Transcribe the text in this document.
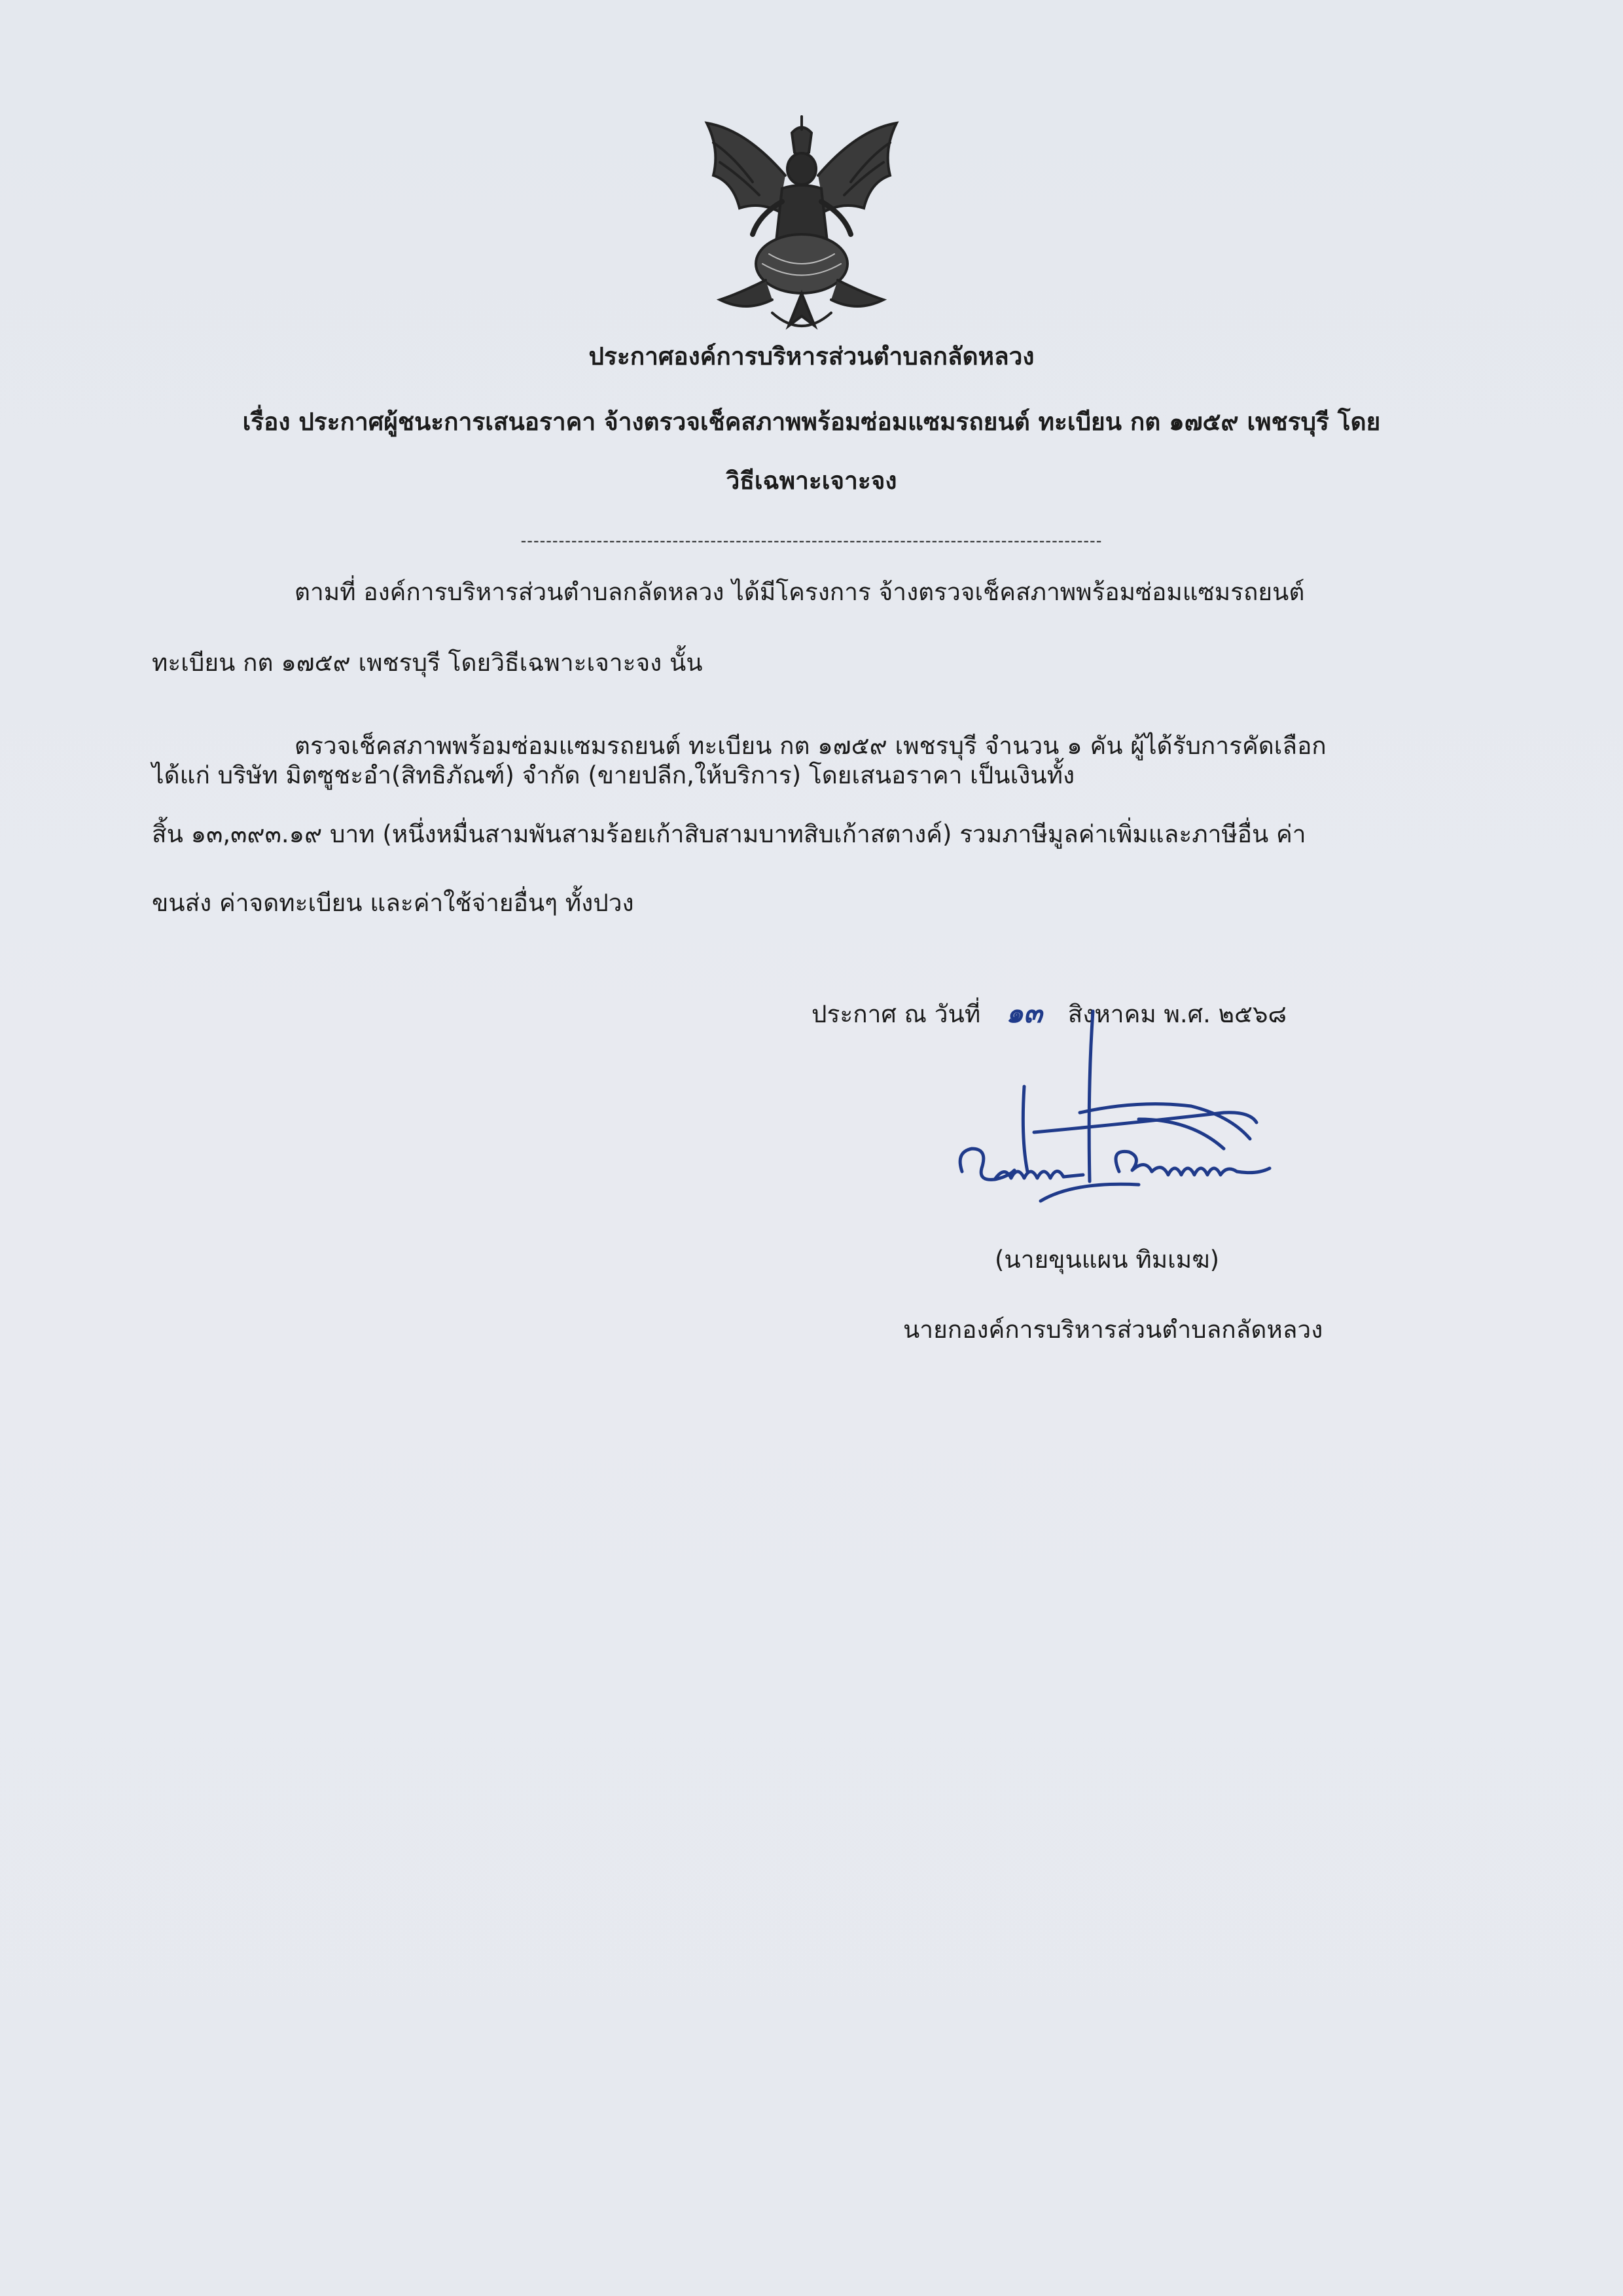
ประกาศองค์การบริหารส่วนตำบลกลัดหลวง
เรื่อง ประกาศผู้ชนะการเสนอราคา จ้างตรวจเช็คสภาพพร้อมซ่อมแซมรถยนต์ ทะเบียน กต ๑๗๕๙ เพชรบุรี โดย
วิธีเฉพาะเจาะจง
--------------------------------------------------------------------------------------------
ตามที่ องค์การบริหารส่วนตำบลกลัดหลวง ได้มีโครงการ จ้างตรวจเช็คสภาพพร้อมซ่อมแซมรถยนต์
ทะเบียน กต ๑๗๕๙ เพชรบุรี โดยวิธีเฉพาะเจาะจง นั้น
ตรวจเช็คสภาพพร้อมซ่อมแซมรถยนต์ ทะเบียน กต ๑๗๕๙ เพชรบุรี จำนวน ๑ คัน ผู้ได้รับการคัดเลือก
ได้แก่ บริษัท มิตซูชะอำ(สิทธิภัณฑ์) จำกัด (ขายปลีก,ให้บริการ) โดยเสนอราคา เป็นเงินทั้ง
สิ้น ๑๓,๓๙๓.๑๙ บาท (หนึ่งหมื่นสามพันสามร้อยเก้าสิบสามบาทสิบเก้าสตางค์) รวมภาษีมูลค่าเพิ่มและภาษีอื่น ค่า
ขนส่ง ค่าจดทะเบียน และค่าใช้จ่ายอื่นๆ ทั้งปวง
ประกาศ ณ วันที่ ๑๓ สิงหาคม พ.ศ. ๒๕๖๘
(นายขุนแผน ทิมเมฆ)
นายกองค์การบริหารส่วนตำบลกลัดหลวง
